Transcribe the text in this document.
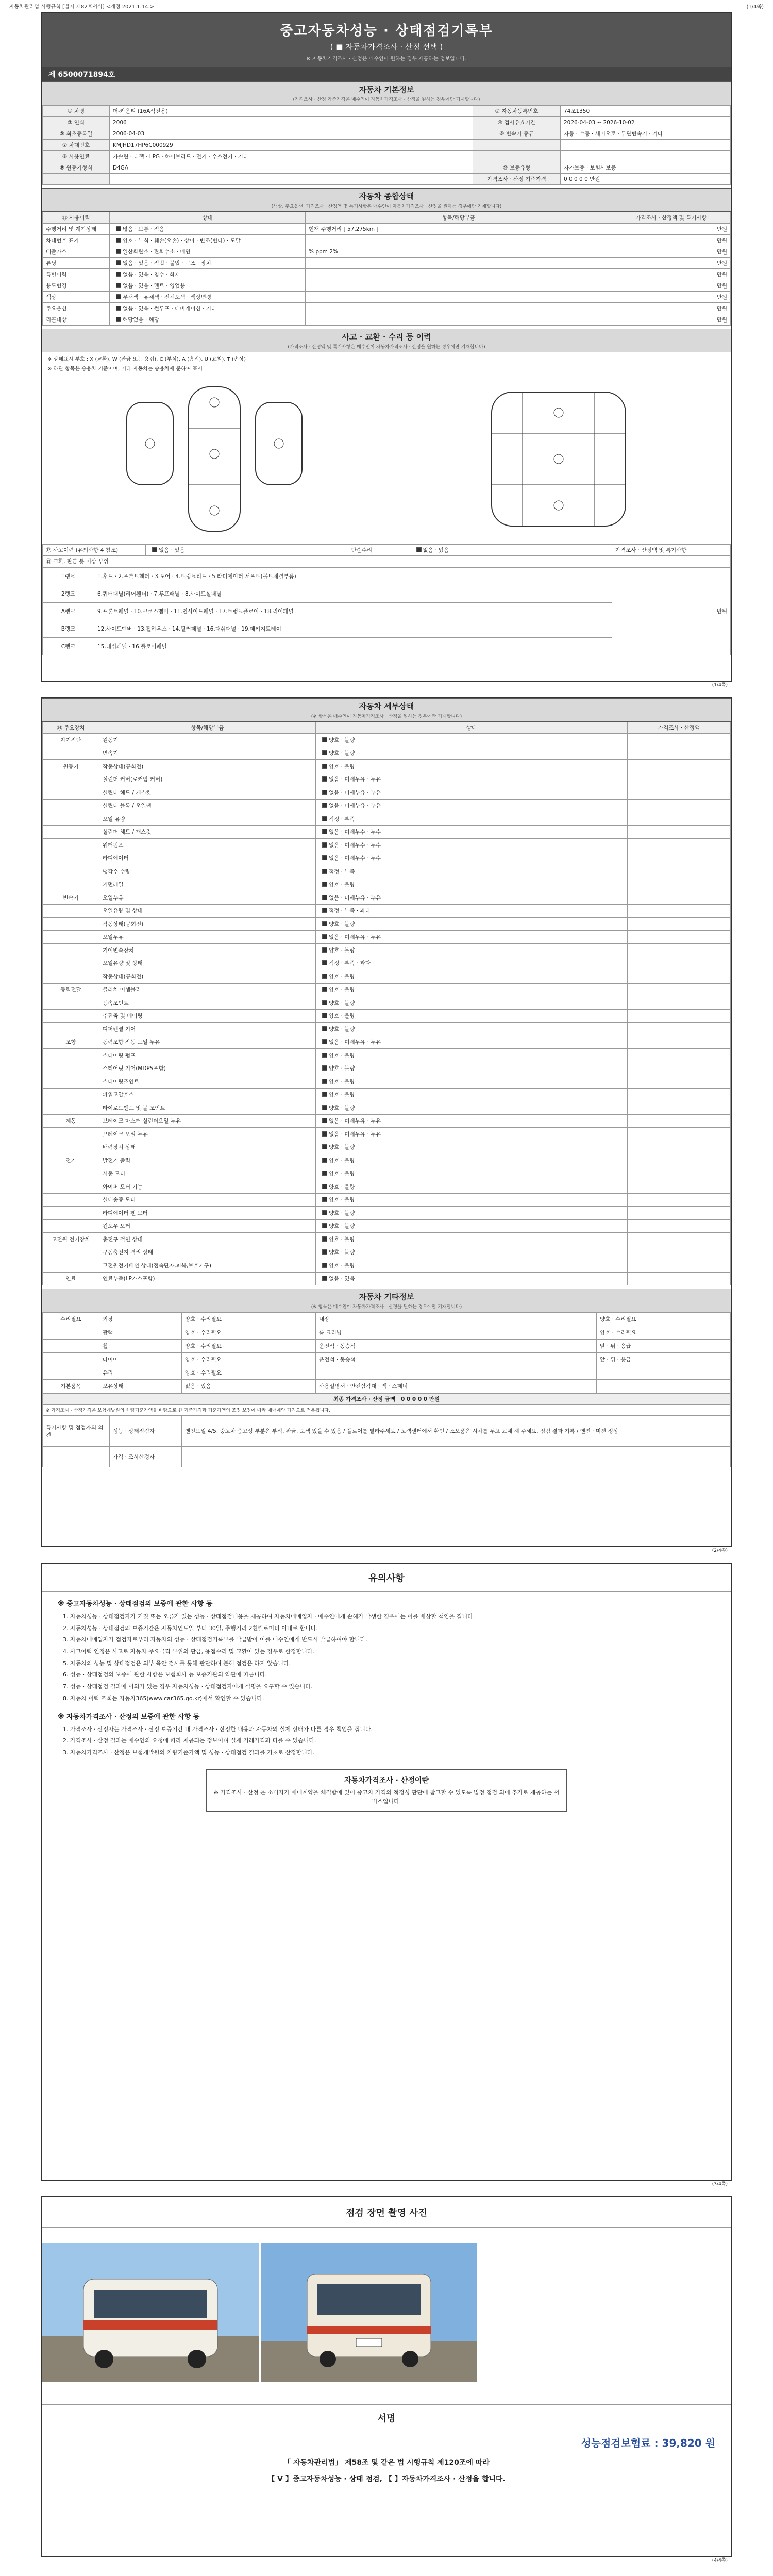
자동차관리법 시행규칙 [별지 제82호서식] <개정 2021.1.14.>	(1/4쪽)
중고자동차성능 · 상태점검기록부
( ■ 자동차가격조사 · 산정 선택 )
※ 자동차가격조사 · 산정은 매수인이 원하는 경우 제공하는 정보입니다.
제 6500071894호
자동차 기본정보
(가격조사 · 산정 가준가격은 매수인이 자동차가격조사 · 산정을 원하는 경우에만 기재합니다)
① 차명	더-카운티 (16A석전용)	② 자동차등록번호	74조1350
③ 연식	2006	④ 검사유효기간	2026-04-03 ~ 2026-10-02
⑤ 최초등록일	2006-04-03	⑥ 변속기 종류	자동 · 수동 · 세미오토 · 무단변속기 · 기타
⑦ 차대번호	KMJHD17HP6C000929		
⑧ 사용연료	가솔린 · 디젤 · LPG · 하이브리드 · 전기 · 수소전기 · 기타		
⑨ 원동기형식	D4GA	⑩ 보증유형	자가보증 · 보험사보증
		가격조사 · 산정 기준가격	0 0 0 0 0 만원
자동차 종합상태
(색상, 주요옵션, 가격조사 · 산정액 및 특기사항은 매수인이 자동차가격조사 · 산정을 원하는 경우에만 기재합니다)
⑪ 사용이력	상태	항목/해당부품	가격조사 · 산정액 및 특기사항
주행거리 및 계기상태	많음 · 보통 · 적음	현재 주행거리 [ 57,275km ]	만원
차대번호 표기	양호 · 부식 · 훼손(오손) · 상이 · 변조(변타) · 도말		만원
배출가스	일산화탄소 · 탄화수소 · 매연	% ppm 2%	만원
튜닝	없음 · 있음 · 적법 · 불법 · 구조 · 장치		만원
특별이력	없음 · 있음 · 침수 · 화재		만원
용도변경	없음 · 있음 · 렌트 · 영업용		만원
색상	무채색 · 유채색 · 전체도색 · 색상변경		만원
주요옵션	없음 · 있음 · 썬루프 · 네비게이션 · 기타		만원
리콜대상	해당없음 · 해당		만원
사고 · 교환 · 수리 등 이력
(가격조사 · 산정액 및 특기사항은 매수인이 자동차가격조사 · 산정을 원하는 경우에만 기재합니다)
※ 상태표시 부호 : X (교환), W (판금 또는 용접), C (부식), A (흠집), U (요철), T (손상)
※ 하단 항목은 승용차 기준이며, 기타 자동차는 승용차에 준하여 표시
⑫ 사고이력 (유의사항 4 참조)	없음 · 있음	단순수리	없음 · 있음	가격조사 · 산정액 및 특기사항
⑬ 교환, 판금 등 이상 부위
1랭크	1.후드 · 2.프론트휀더 · 3.도어 · 4.트렁크리드 · 5.라디에이터 서포트(볼트체결부품)	만원
2랭크	6.쿼터패널(리어휀더) · 7.루프패널 · 8.사이드실패널	
A랭크	9.프론트패널 · 10.크로스멤버 · 11.인사이드패널 · 17.트렁크플로어 · 18.리어패널	
B랭크	12.사이드멤버 · 13.휠하우스 · 14.필러패널 · 16.대쉬패널 · 19.패키지트레이	
C랭크	15.대쉬패널 · 16.플로어패널	
(1/4쪽)
자동차 세부상태
(※ 항목은 매수인이 자동차가격조사 · 산정을 원하는 경우에만 기재합니다)
⑭ 주요장치	항목/해당부품	상태	가격조사 · 산정액
자기진단	원동기	양호 · 불량	
	변속기	양호 · 불량	
원동기	작동상태(공회전)	양호 · 불량	
	실린더 커버(로커암 커버)	없음 · 미세누유 · 누유	
	실린더 헤드 / 개스킷	없음 · 미세누유 · 누유	
	실린더 블록 / 오일팬	없음 · 미세누유 · 누유	
	오일 유량	적정 · 부족	
	실린더 헤드 / 개스킷	없음 · 미세누수 · 누수	
	워터펌프	없음 · 미세누수 · 누수	
	라디에이터	없음 · 미세누수 · 누수	
	냉각수 수량	적정 · 부족	
	커먼레일	양호 · 불량	
변속기	오일누유	없음 · 미세누유 · 누유	
	오일유량 및 상태	적정 · 부족 · 과다	
	작동상태(공회전)	양호 · 불량	
	오일누유	없음 · 미세누유 · 누유	
	기어변속장치	양호 · 불량	
	오일유량 및 상태	적정 · 부족 · 과다	
	작동상태(공회전)	양호 · 불량	
동력전달	클러치 어셈블리	양호 · 불량	
	등속조인트	양호 · 불량	
	추진축 및 베어링	양호 · 불량	
	디퍼렌셜 기어	양호 · 불량	
조향	동력조향 작동 오일 누유	없음 · 미세누유 · 누유	
	스티어링 펌프	양호 · 불량	
	스티어링 기어(MDPS포함)	양호 · 불량	
	스티어링조인트	양호 · 불량	
	파워고압호스	양호 · 불량	
	타이로드엔드 및 볼 조인트	양호 · 불량	
제동	브레이크 마스터 실린더오일 누유	없음 · 미세누유 · 누유	
	브레이크 오일 누유	없음 · 미세누유 · 누유	
	배력장치 상태	양호 · 불량	
전기	발전기 출력	양호 · 불량	
	시동 모터	양호 · 불량	
	와이퍼 모터 기능	양호 · 불량	
	실내송풍 모터	양호 · 불량	
	라디에이터 팬 모터	양호 · 불량	
	윈도우 모터	양호 · 불량	
고전원 전기장치	충전구 절연 상태	양호 · 불량	
	구동축전지 격리 상태	양호 · 불량	
	고전원전기배선 상태(접속단자,피복,보호기구)	양호 · 불량	
연료	연료누출(LP가스포함)	없음 · 있음	
자동차 기타정보
(※ 항목은 매수인이 자동차가격조사 · 산정을 원하는 경우에만 기재합니다)
수리필요	외장	양호 · 수리필요	내장	양호 · 수리필요
	광택	양호 · 수리필요	룸 크리닝	양호 · 수리필요
	휠	양호 · 수리필요	운전석 · 동승석	앞 · 뒤 · 응급
	타이어	양호 · 수리필요	운전석 · 동승석	앞 · 뒤 · 응급
	유리	양호 · 수리필요		
기본품목	보유상태	없음 · 있음	사용설명서 · 안전삼각대 · 잭 · 스패너	
최종 가격조사 · 산정 금액 0 0 0 0 0 만원
※ 가격조사 · 산정가격은 보험개발원의 차량기준가액을 바탕으로 한 기준가격과 기준가액의 조정 보정에 따라 매매계약 가격으로 적용됩니다.
특기사항 및 점검자의 의견	성능 · 상태점검자	엔진오일 4/5, 중고차 중고성 부분은 부식, 판금, 도색 있을 수 있음 / 플로어를 발라주세요 / 고객센터에서 확인 / 소모품은 시차를 두고 교체 해 주세요, 점검 결과 기록 / 엔진 · 미션 정상
	가격 · 조사산정자	
(2/4쪽)
유의사항
※ 중고자동차성능 · 상태점검의 보증에 관한 사항 등

1. 자동차성능 · 상태점검자가 거짓 또는 오류가 있는 성능 · 상태점검내용을 제공하여 자동차매매업자 · 매수인에게 손해가 발생한 경우에는 이를 배상할 책임을 집니다.

2. 자동차성능 · 상태점검의 보증기간은 자동차인도일 부터 30일, 주행거리 2천킬로미터 이내로 합니다.

3. 자동차매매업자가 점검자로부터 자동차의 성능 · 상태점검기록부를 발급받아 이를 매수인에게 반드시 발급하여야 합니다.

4. 사고이력 인정은 사고로 자동차 주요골격 부위의 판금, 용접수리 및 교환이 있는 경우로 한정합니다.

5. 자동차의 성능 및 상태점검은 외부 육안 검사를 통해 판단하며 분해 점검은 하지 않습니다.

6. 성능 · 상태점검의 보증에 관한 사항은 보험회사 등 보증기관의 약관에 따릅니다.

7. 성능 · 상태점검 결과에 이의가 있는 경우 자동차성능 · 상태점검자에게 설명을 요구할 수 있습니다.

8. 자동차 이력 조회는 자동차365(www.car365.go.kr)에서 확인할 수 있습니다.

※ 자동차가격조사 · 산정의 보증에 관한 사항 등

1. 가격조사 · 산정자는 가격조사 · 산정 보증기간 내 가격조사 · 산정한 내용과 자동차의 실제 상태가 다른 경우 책임을 집니다.

2. 가격조사 · 산정 결과는 매수인의 요청에 따라 제공되는 정보이며 실제 거래가격과 다를 수 있습니다.

3. 자동차가격조사 · 산정은 보험개발원의 차량기준가액 및 성능 · 상태점검 결과를 기초로 산정합니다.

자동차가격조사 · 산정이란
※ 가격조사 · 산정 은 소비자가 매매계약을 체결함에 있어 중고차 가격의 적정성 판단에 참고할 수 있도록 법정 점검 외에 추가로 제공하는 서비스입니다.
(3/4쪽)
점검 장면 촬영 사진

서명
성능점검보험료 : 39,820 원
「 자동차관리법」 제58조 및 같은 법 시행규칙 제120조에 따라
【 V 】중고자동차성능 · 상태 점검, 【 】자동차가격조사 · 산정을 합니다.
(4/4쪽)
